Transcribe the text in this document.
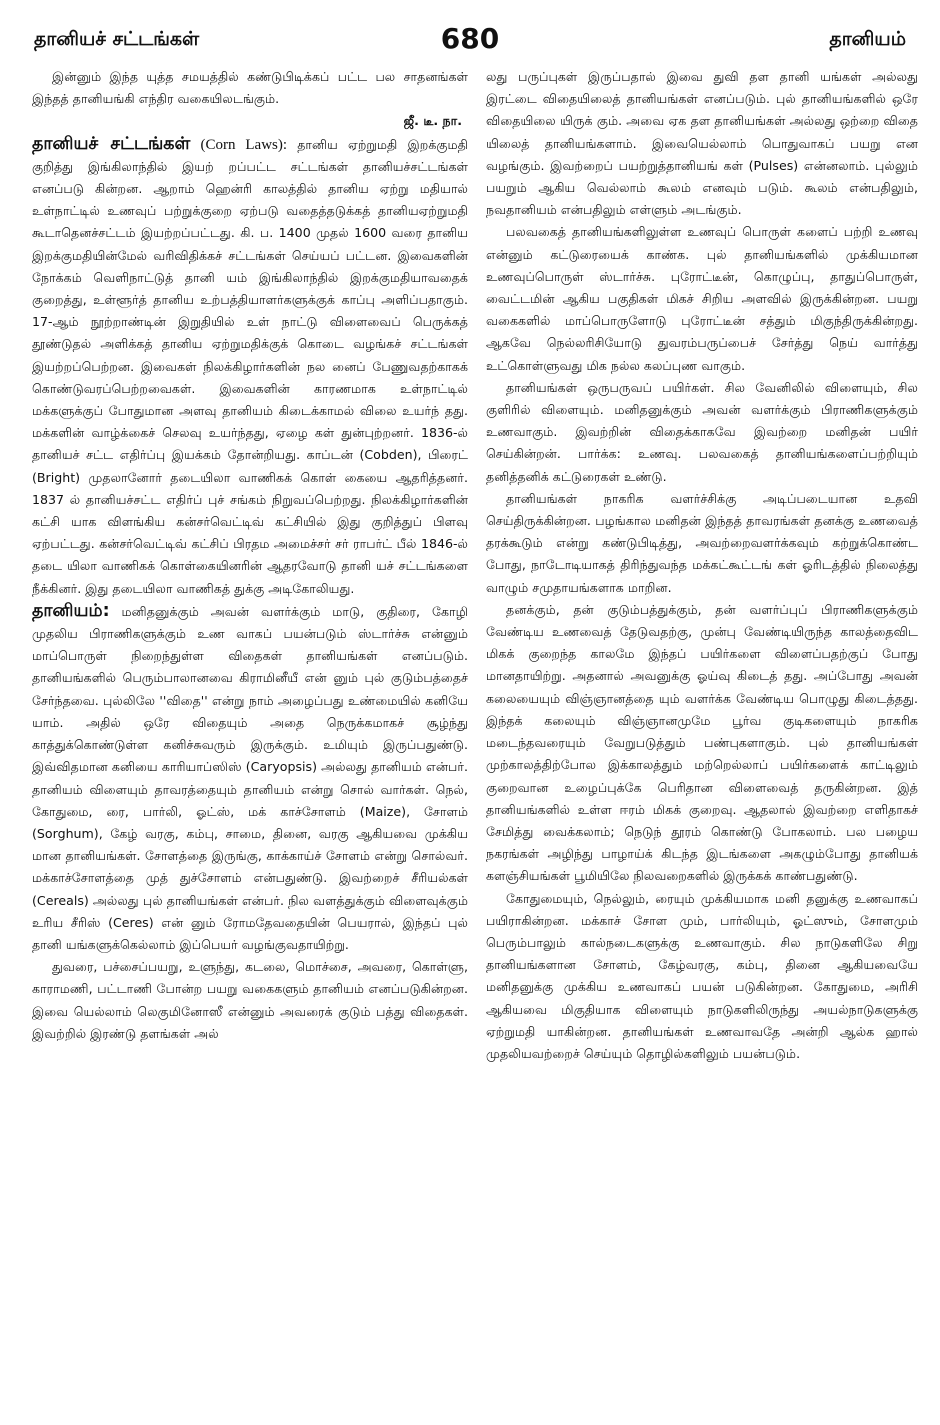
தானியச் சட்டங்கள்	680	தானியம்

இன்னும் இந்த யுத்த சமயத்தில் கண்டுபிடிக்கப் பட்ட பல சாதனங்கள் இந்தத் தானியங்கி எந்திர வகையிலடங்கும்.

ஜீ. டீ. நா.

தானியச் சட்டங்கள் (Corn Laws): தானிய ஏற்றுமதி இறக்குமதி குறித்து இங்கிலாந்தில் இயற் றப்பட்ட சட்டங்கள் தானியச்சட்டங்கள் எனப்படு கின்றன. ஆறாம் ஹென்ரி காலத்தில் தானிய ஏற்று மதியால் உள்நாட்டில் உணவுப் பற்றுக்குறை ஏற்படு வதைத்தடுக்கத் தானியஏற்றுமதி கூடாதெனச்சட்டம் இயற்றப்பட்டது. கி. ப. 1400 முதல் 1600 வரை தானிய இறக்குமதியின்மேல் வரிவிதிக்கச் சட்டங்கள் செய்யப் பட்டன. இவைகளின் நோக்கம் வெளிநாட்டுத் தானி யம் இங்கிலாந்தில் இறக்குமதியாவதைக் குறைத்து, உள்ளூர்த் தானிய உற்பத்தியாளர்களுக்குக் காப்பு அளிப்பதாகும். 17-ஆம் நூற்றாண்டின் இறுதியில் உள் நாட்டு விளைவைப் பெருக்கத் தூண்டுதல் அளிக்கத் தானிய ஏற்றுமதிக்குக் கொடை வழங்கச் சட்டங்கள் இயற்றப்பெற்றன. இவைகள் நிலக்கிழார்களின் நல னைப் பேணுவதற்காகக் கொண்டுவரப்பெற்றவைகள். இவைகளின் காரணமாக உள்நாட்டில் மக்களுக்குப் போதுமான அளவு தானியம் கிடைக்காமல் விலை உயர்ந் தது. மக்களின் வாழ்க்கைச் செலவு உயர்ந்தது, ஏழை கள் துன்புற்றனர். 1836-ல் தானியச் சட்ட எதிர்ப்பு இயக்கம் தோன்றியது. காப்டன் (Cobden), பிரைட் (Bright) முதலானோர் தடையிலா வாணிகக் கொள் கையை ஆதரித்தனர். 1837 ல் தானியச்சட்ட எதிர்ப் புச் சங்கம் நிறுவப்பெற்றது. நிலக்கிழார்களின் கட்சி யாக விளங்கிய கன்சர்வெட்டிவ் கட்சியில் இது குறித்துப் பிளவு ஏற்பட்டது. கன்சர்வெட்டிவ் கட்சிப் பிரதம அமைச்சர் சர் ராபர்ட் பீல் 1846-ல் தடை யிலா வாணிகக் கொள்கையினரின் ஆதரவோடு தானி யச் சட்டங்களை நீக்கினர். இது தடையிலா வாணிகத் துக்கு அடிகோலியது.

தானியம்: மனிதனுக்கும் அவன் வளர்க்கும் மாடு, குதிரை, கோழி முதலிய பிராணிகளுக்கும் உண வாகப் பயன்படும் ஸ்டார்ச்சு என்னும் மாப்பொருள் நிறைந்துள்ள விதைகள் தானியங்கள் எனப்படும். தானியங்களில் பெரும்பாலானவை கிராமினீயீ என் னும் புல் குடும்பத்தைச் சேர்ந்தவை. புல்லிலே ''விதை'' என்று நாம் அழைப்பது உண்மையில் கனியே யாம். அதில் ஒரே விதையும் அதை நெருக்கமாகச் சூழ்ந்து காத்துக்கொண்டுள்ள கனிச்சுவரும் இருக்கும். உமியும் இருப்பதுண்டு. இவ்விதமான கனியை காரியாப்ஸிஸ் (Caryopsis) அல்லது தானியம் என்பர். தானியம் விளையும் தாவரத்தையும் தானியம் என்று சொல் வார்கள். நெல், கோதுமை, ரை, பார்லி, ஓட்ஸ், மக் காச்சோளம் (Maize), சோளம் (Sorghum), கேழ் வரகு, கம்பு, சாமை, தினை, வரகு ஆகியவை முக்கிய மான தானியங்கள். சோளத்தை இருங்கு, காக்காய்ச் சோளம் என்று சொல்வர். மக்காச்சோளத்தை முத் துச்சோளம் என்பதுண்டு. இவற்றைச் சீரியல்கள் (Cereals) அல்லது புல் தானியங்கள் என்பர். நில வளத்துக்கும் விளைவுக்கும் உரிய சீரிஸ் (Ceres) என் னும் ரோமதேவதையின் பெயரால், இந்தப் புல் தானி யங்களுக்கெல்லாம் இப்பெயர் வழங்குவதாயிற்று.

துவரை, பச்சைப்பயறு, உளுந்து, கடலை, மொச்சை, அவரை, கொள்ளு, காராமணி, பட்டாணி போன்ற பயறு வகைகளும் தானியம் எனப்படுகின்றன. இவை யெல்லாம் லெகுமினோஸீ என்னும் அவரைக் குடும் பத்து விதைகள். இவற்றில் இரண்டு தளங்கள் அல்

லது பருப்புகள் இருப்பதால் இவை துவி தள தானி யங்கள் அல்லது இரட்டை விதையிலைத் தானியங்கள் எனப்படும். புல் தானியங்களில் ஒரே விதையிலை யிருக் கும். அவை ஏக தள தானியங்கள் அல்லது ஒற்றை விதை யிலைத் தானியங்களாம். இவையெல்லாம் பொதுவாகப் பயறு என வழங்கும். இவற்றைப் பயற்றுத்தானியங் கள் (Pulses) என்னலாம். புல்லும் பயறும் ஆகிய வெல்லாம் கூலம் எனவும் படும். கூலம் என்பதிலும், நவதானியம் என்பதிலும் எள்ளும் அடங்கும்.

பலவகைத் தானியங்களிலுள்ள உணவுப் பொருள் களைப் பற்றி உணவு என்னும் கட்டுரையைக் காண்க. புல் தானியங்களில் முக்கியமான உணவுப்பொருள் ஸ்டார்ச்சு. புரோட்டீன், கொழுப்பு, தாதுப்பொருள், வைட்டமின் ஆகிய பகுதிகள் மிகச் சிறிய அளவில் இருக்கின்றன. பயறு வகைகளில் மாப்பொருளோடு புரோட்டீன் சத்தும் மிகுந்திருக்கின்றது. ஆகவே நெல்லரிசியோடு துவரம்பருப்பைச் சேர்த்து நெய் வார்த்து உட்கொள்ளுவது மிக நல்ல கலப்புண வாகும்.

தானியங்கள் ஒருபருவப் பயிர்கள். சில வேனிலில் விளையும், சில குளிரில் விளையும். மனிதனுக்கும் அவன் வளர்க்கும் பிராணிகளுக்கும் உணவாகும். இவற்றின் விதைக்காகவே இவற்றை மனிதன் பயிர் செய்கின்றன். பார்க்க: உணவு. பலவகைத் தானியங்களைப்பற்றியும் தனித்தனிக் கட்டுரைகள் உண்டு.

தானியங்கள் நாகரிக வளர்ச்சிக்கு அடிப்படையான உதவி செய்திருக்கின்றன. பழங்கால மனிதன் இந்தத் தாவரங்கள் தனக்கு உணவைத் தரக்கூடும் என்று கண்டுபிடித்து, அவற்றைவளர்க்கவும் கற்றுக்கொண்ட போது, நாடோடியாகத் திரிந்துவந்த மக்கட்கூட்டங் கள் ஓரிடத்தில் நிலைத்து வாழும் சமுதாயங்களாக மாறின.

தனக்கும், தன் குடும்பத்துக்கும், தன் வளர்ப்புப் பிராணிகளுக்கும் வேண்டிய உணவைத் தேடுவதற்கு, முன்பு வேண்டியிருந்த காலத்தைவிட மிகக் குறைந்த காலமே இந்தப் பயிர்களை விளைப்பதற்குப் போது மானதாயிற்று. அதனால் அவனுக்கு ஓய்வு கிடைத் தது. அப்போது அவன் கலையையும் விஞ்ஞானத்தை யும் வளர்க்க வேண்டிய பொழுது கிடைத்தது. இந்தக் கலையும் விஞ்ஞானமுமே பூர்வ குடிகளையும் நாகரிக மடைந்தவரையும் வேறுபடுத்தும் பண்புகளாகும். புல் தானியங்கள் முற்காலத்திற்போல இக்காலத்தும் மற்றெல்லாப் பயிர்களைக் காட்டிலும் குறைவான உழைப்புக்கே பெரிதான விளைவைத் தருகின்றன. இத் தானியங்களில் உள்ள ஈரம் மிகக் குறைவு. ஆதலால் இவற்றை எளிதாகச் சேமித்து வைக்கலாம்; நெடுந் தூரம் கொண்டு போகலாம். பல பழைய நகரங்கள் அழிந்து பாழாய்க் கிடந்த இடங்களை அகழும்போது தானியக் களஞ்சியங்கள் பூமியிலே நிலவறைகளில் இருக்கக் காண்பதுண்டு.

கோதுமையும், நெல்லும், ரையும் முக்கியமாக மனி தனுக்கு உணவாகப் பயிராகின்றன. மக்காச் சோள மும், பார்லியும், ஓட்ஸும், சோளமும் பெரும்பாலும் கால்நடைகளுக்கு உணவாகும். சில நாடுகளிலே சிறு தானியங்களான சோளம், கேழ்வரகு, கம்பு, தினை ஆகியவையே மனிதனுக்கு முக்கிய உணவாகப் பயன் படுகின்றன. கோதுமை, அரிசி ஆகியவை மிகுதியாக விளையும் நாடுகளிலிருந்து அயல்நாடுகளுக்கு ஏற்றுமதி யாகின்றன. தானியங்கள் உணவாவதே அன்றி ஆல்க ஹால் முதலியவற்றைச் செய்யும் தொழில்களிலும் பயன்படும்.
